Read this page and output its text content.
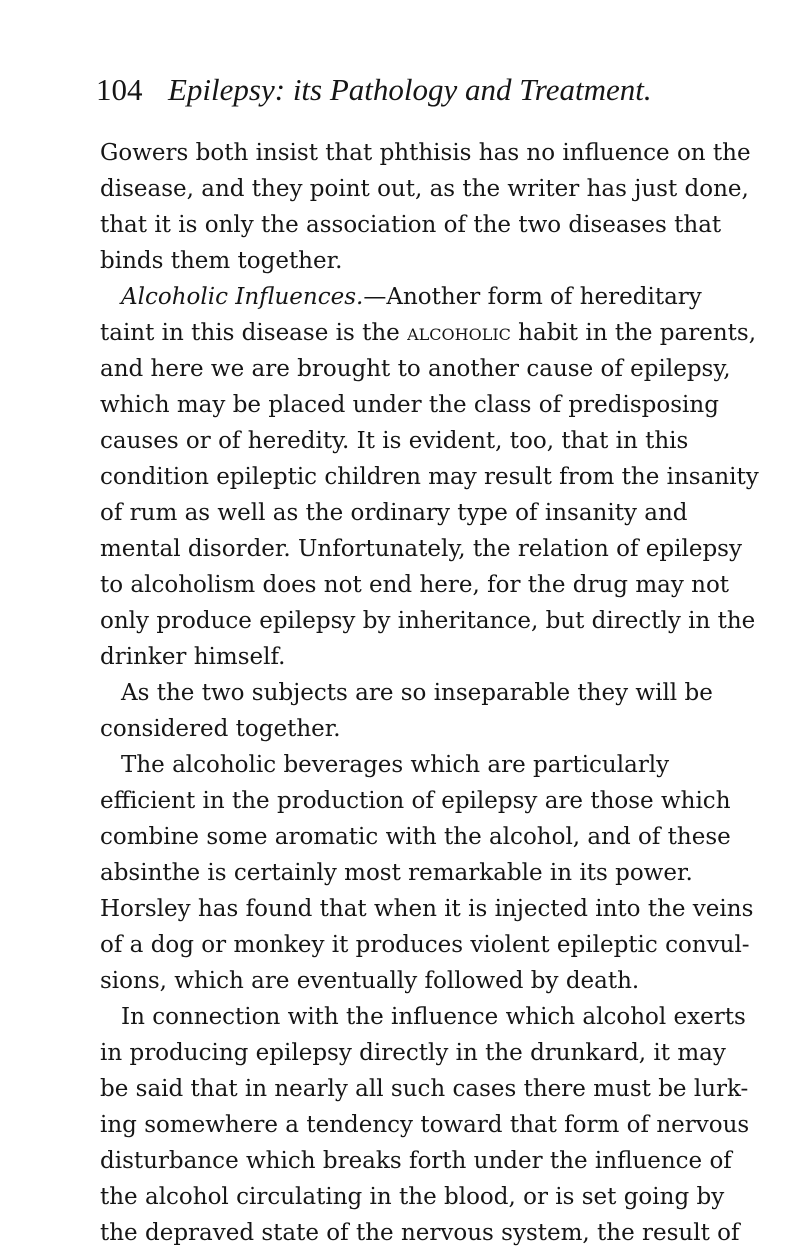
104 Epilepsy: its Pathology and Treatment.
Gowers both insist that phthisis has no influence on the
disease, and they point out, as the writer has just done,
that it is only the association of the two diseases that
binds them together.
Alcoholic Influences.—Another form of hereditary
taint in this disease is the alcoholic habit in the parents,
and here we are brought to another cause of epilepsy,
which may be placed under the class of predisposing
causes or of heredity. It is evident, too, that in this
condition epileptic children may result from the insanity
of rum as well as the ordinary type of insanity and
mental disorder. Unfortunately, the relation of epilepsy
to alcoholism does not end here, for the drug may not
only produce epilepsy by inheritance, but directly in the
drinker himself.
As the two subjects are so inseparable they will be
considered together.
The alcoholic beverages which are particularly
efficient in the production of epilepsy are those which
combine some aromatic with the alcohol, and of these
absinthe is certainly most remarkable in its power.
Horsley has found that when it is injected into the veins
of a dog or monkey it produces violent epileptic convul-
sions, which are eventually followed by death.
In connection with the influence which alcohol exerts
in producing epilepsy directly in the drunkard, it may
be said that in nearly all such cases there must be lurk-
ing somewhere a tendency toward that form of nervous
disturbance which breaks forth under the influence of
the alcohol circulating in the blood, or is set going by
the depraved state of the nervous system, the result of
